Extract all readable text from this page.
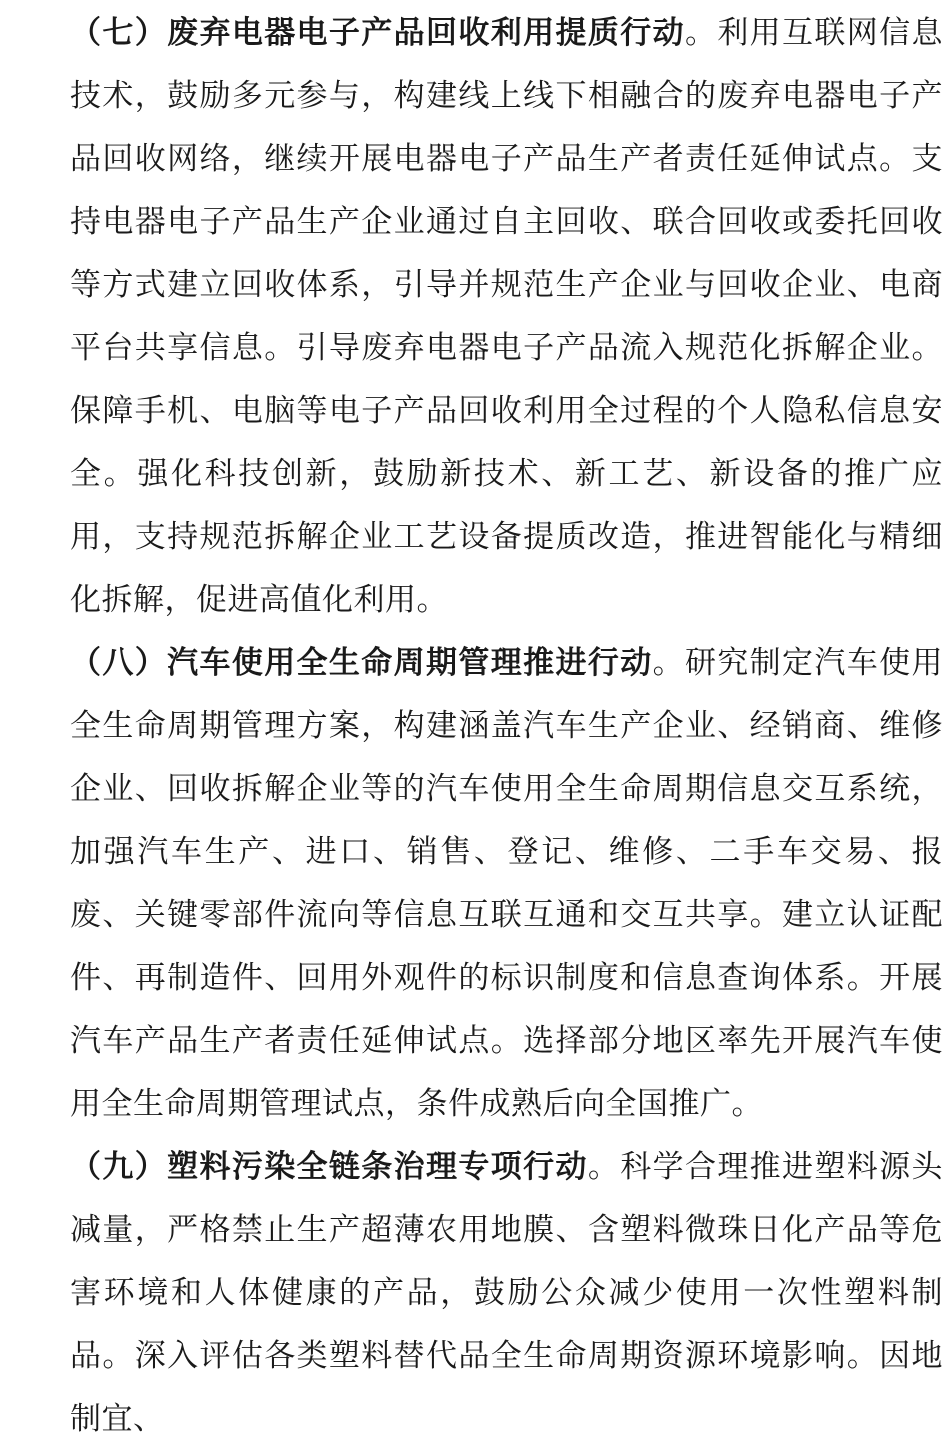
（七）废弃电器电子产品回收利用提质行动。利用互联网信息技术，鼓励多元参与，构建线上线下相融合的废弃电器电子产品回收网络，继续开展电器电子产品生产者责任延伸试点。支持电器电子产品生产企业通过自主回收、联合回收或委托回收等方式建立回收体系，引导并规范生产企业与回收企业、电商平台共享信息。引导废弃电器电子产品流入规范化拆解企业。保障手机、电脑等电子产品回收利用全过程的个人隐私信息安全。强化科技创新，鼓励新技术、新工艺、新设备的推广应用，支持规范拆解企业工艺设备提质改造，推进智能化与精细化拆解，促进高值化利用。

（八）汽车使用全生命周期管理推进行动。研究制定汽车使用全生命周期管理方案，构建涵盖汽车生产企业、经销商、维修企业、回收拆解企业等的汽车使用全生命周期信息交互系统，加强汽车生产、进口、销售、登记、维修、二手车交易、报废、关键零部件流向等信息互联互通和交互共享。建立认证配件、再制造件、回用外观件的标识制度和信息查询体系。开展汽车产品生产者责任延伸试点。选择部分地区率先开展汽车使用全生命周期管理试点，条件成熟后向全国推广。

（九）塑料污染全链条治理专项行动。科学合理推进塑料源头减量，严格禁止生产超薄农用地膜、含塑料微珠日化产品等危害环境和人体健康的产品，鼓励公众减少使用一次性塑料制品。深入评估各类塑料替代品全生命周期资源环境影响。因地制宜、
